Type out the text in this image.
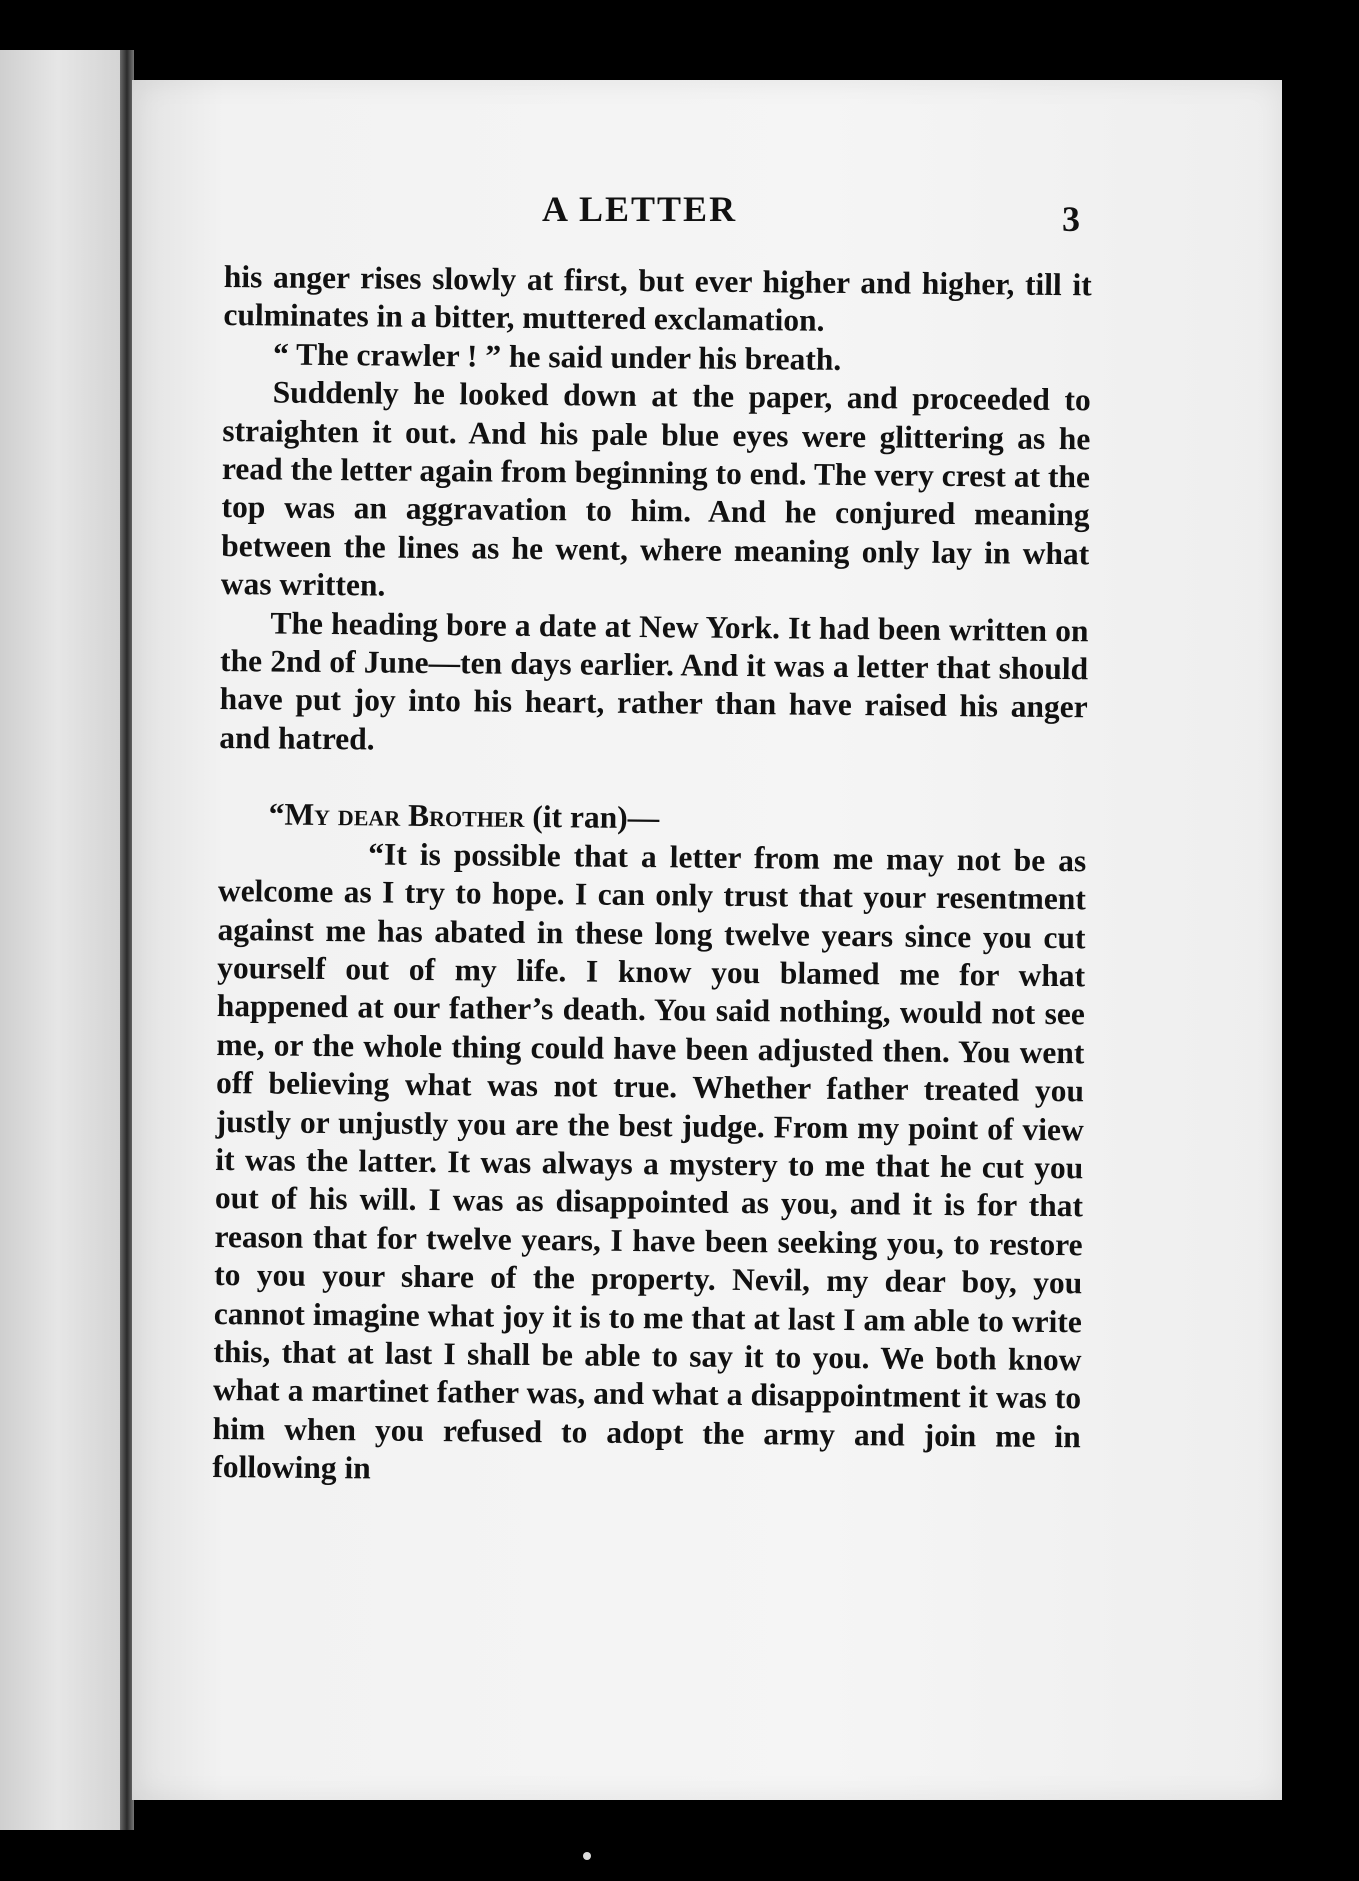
A LETTER	3

his anger rises slowly at first, but ever higher and higher, till it culminates in a bitter, muttered exclamation.

“ The crawler ! ” he said under his breath.

Suddenly he looked down at the paper, and proceeded to straighten it out. And his pale blue eyes were glittering as he read the letter again from beginning to end. The very crest at the top was an aggravation to him. And he conjured meaning between the lines as he went, where meaning only lay in what was written.

The heading bore a date at New York. It had been written on the 2nd of June—ten days earlier. And it was a letter that should have put joy into his heart, rather than have raised his anger and hatred.

“My dear Brother (it ran)—

“It is possible that a letter from me may not be as welcome as I try to hope. I can only trust that your resentment against me has abated in these long twelve years since you cut yourself out of my life. I know you blamed me for what happened at our father’s death. You said nothing, would not see me, or the whole thing could have been adjusted then. You went off believing what was not true. Whether father treated you justly or unjustly you are the best judge. From my point of view it was the latter. It was always a mystery to me that he cut you out of his will. I was as disappointed as you, and it is for that reason that for twelve years, I have been seeking you, to restore to you your share of the property. Nevil, my dear boy, you cannot imagine what joy it is to me that at last I am able to write this, that at last I shall be able to say it to you. We both know what a martinet father was, and what a disappointment it was to him when you refused to adopt the army and join me in following in
